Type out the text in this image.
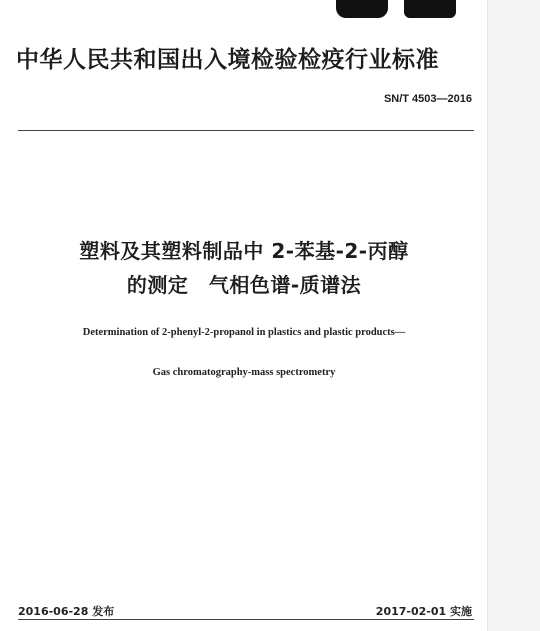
中华人民共和国出入境检验检疫行业标准
SN/T 4503—2016
塑料及其塑料制品中 2-苯基-2-丙醇
的测定　气相色谱-质谱法
Determination of 2-phenyl-2-propanol in plastics and plastic products—
Gas chromatography-mass spectrometry
2016-06-28 发布	2017-02-01 实施
